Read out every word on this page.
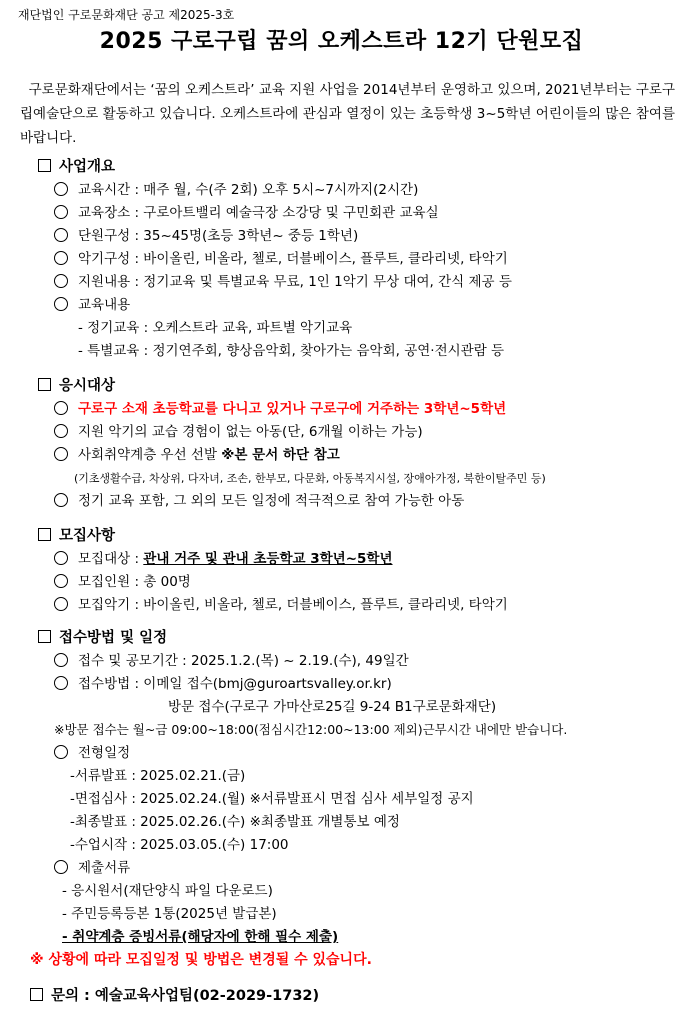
재단법인 구로문화재단 공고 제2025-3호
2025 구로구립 꿈의 오케스트라 12기 단원모집
구로문화재단에서는 ‘꿈의 오케스트라’ 교육 지원 사업을 2014년부터 운영하고 있으며, 2021년부터는 구로구립예술단으로 활동하고 있습니다. 오케스트라에 관심과 열정이 있는 초등학생 3~5학년 어린이들의 많은 참여를 바랍니다.
사업개요
교육시간 : 매주 월, 수(주 2회) 오후 5시~7시까지(2시간)
교육장소 : 구로아트밸리 예술극장 소강당 및 구민회관 교육실
단원구성 : 35~45명(초등 3학년~ 중등 1학년)
악기구성 : 바이올린, 비올라, 첼로, 더블베이스, 플루트, 클라리넷, 타악기
지원내용 : 정기교육 및 특별교육 무료, 1인 1악기 무상 대여, 간식 제공 등
교육내용
- 정기교육 : 오케스트라 교육, 파트별 악기교육
- 특별교육 : 정기연주회, 향상음악회, 찾아가는 음악회, 공연·전시관람 등
응시대상
구로구 소재 초등학교를 다니고 있거나 구로구에 거주하는 3학년~5학년
지원 악기의 교습 경험이 없는 아동(단, 6개월 이하는 가능)
사회취약계층 우선 선발 ※본 문서 하단 참고
(기초생활수급, 차상위, 다자녀, 조손, 한부모, 다문화, 아동복지시설, 장애아가정, 북한이탈주민 등)
정기 교육 포함, 그 외의 모든 일정에 적극적으로 참여 가능한 아동
모집사항
모집대상 : 관내 거주 및 관내 초등학교 3학년~5학년
모집인원 : 총 00명
모집악기 : 바이올린, 비올라, 첼로, 더블베이스, 플루트, 클라리넷, 타악기
접수방법 및 일정
접수 및 공모기간 : 2025.1.2.(목) ~ 2.19.(수), 49일간
접수방법 : 이메일 접수(bmj@guroartsvalley.or.kr)
방문 접수(구로구 가마산로25길 9-24 B1구로문화재단)
※방문 접수는 월~금 09:00~18:00(점심시간12:00~13:00 제외)근무시간 내에만 받습니다.
전형일정
-서류발표 : 2025.02.21.(금)
-면접심사 : 2025.02.24.(월) ※서류발표시 면접 심사 세부일정 공지
-최종발표 : 2025.02.26.(수) ※최종발표 개별통보 예정
-수업시작 : 2025.03.05.(수) 17:00
제출서류
- 응시원서(재단양식 파일 다운로드)
- 주민등록등본 1통(2025년 발급본)
- 취약계층 증빙서류(해당자에 한해 필수 제출)
※ 상황에 따라 모집일정 및 방법은 변경될 수 있습니다.
문의 : 예술교육사업팀(02-2029-1732)
